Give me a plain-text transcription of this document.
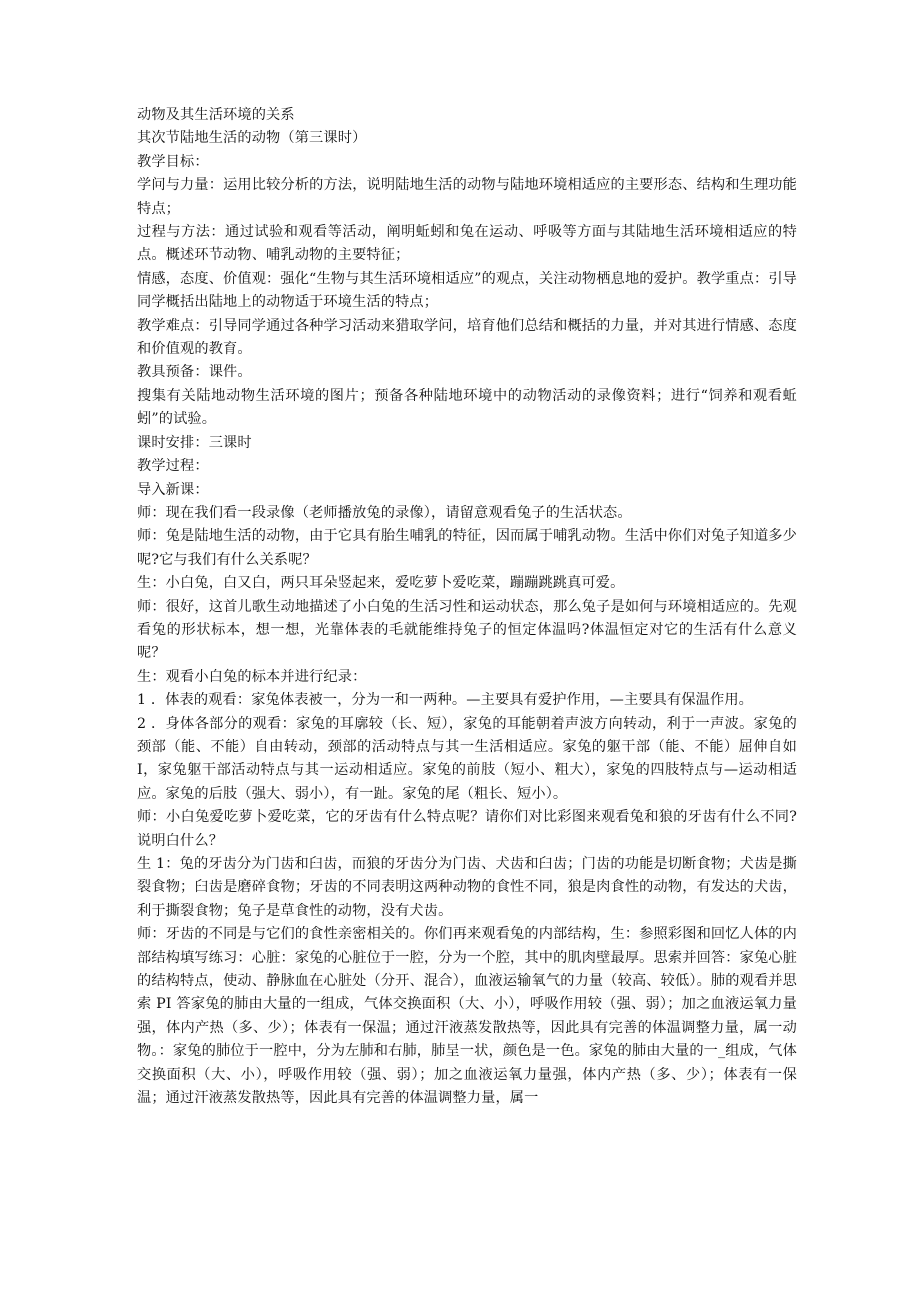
动物及其生活环境的关系
其次节陆地生活的动物（第三课时）
教学目标：
学问与力量：运用比较分析的方法，说明陆地生活的动物与陆地环境相适应的主要形态、结构和生理功能特点；
过程与方法：通过试验和观看等活动，阐明蚯蚓和兔在运动、呼吸等方面与其陆地生活环境相适应的特点。概述环节动物、哺乳动物的主要特征；
情感，态度、价值观：强化“生物与其生活环境相适应”的观点，关注动物栖息地的爱护。教学重点：引导同学概括出陆地上的动物适于环境生活的特点；
教学难点：引导同学通过各种学习活动来猎取学问，培育他们总结和概括的力量，并对其进行情感、态度和价值观的教育。
教具预备：课件。
搜集有关陆地动物生活环境的图片；预备各种陆地环境中的动物活动的录像资料；进行“饲养和观看蚯蚓”的试验。
课时安排：三课时
教学过程：
导入新课：
师：现在我们看一段录像（老师播放兔的录像），请留意观看兔子的生活状态。
师：兔是陆地生活的动物，由于它具有胎生哺乳的特征，因而属于哺乳动物。生活中你们对兔子知道多少呢?它与我们有什么关系呢？
生：小白兔，白又白，两只耳朵竖起来，爱吃萝卜爱吃菜，蹦蹦跳跳真可爱。
师：很好，这首儿歌生动地描述了小白兔的生活习性和运动状态，那么兔子是如何与环境相适应的。先观看兔的形状标本，想一想，光靠体表的毛就能维持兔子的恒定体温吗?体温恒定对它的生活有什么意义呢？
生：观看小白兔的标本并进行纪录：
1 ．体表的观看：家兔体表被一，分为一和一两种。—主要具有爱护作用，—主要具有保温作用。
2 ．身体各部分的观看：家兔的耳廓较（长、短），家兔的耳能朝着声波方向转动，利于一声波。家兔的颈部（能、不能）自由转动，颈部的活动特点与其一生活相适应。家兔的躯干部（能、不能）屈伸自如 I，家兔躯干部活动特点与其一运动相适应。家兔的前肢（短小、粗大），家兔的四肢特点与—运动相适应。家兔的后肢（强大、弱小），有一趾。家兔的尾（粗长、短小）。
师：小白兔爱吃萝卜爱吃菜，它的牙齿有什么特点呢？请你们对比彩图来观看兔和狼的牙齿有什么不同?说明白什么？
生 1：兔的牙齿分为门齿和臼齿，而狼的牙齿分为门齿、犬齿和臼齿；门齿的功能是切断食物；犬齿是撕裂食物；臼齿是磨碎食物；牙齿的不同表明这两种动物的食性不同，狼是肉食性的动物，有发达的犬齿，利于撕裂食物；兔子是草食性的动物，没有犬齿。
师：牙齿的不同是与它们的食性亲密相关的。你们再来观看兔的内部结构，生：参照彩图和回忆人体的内部结构填写练习：心脏：家兔的心脏位于一腔，分为一个腔，其中的肌肉壁最厚。思索并回答：家兔心脏的结构特点，使动、静脉血在心脏处（分开、混合），血液运输氧气的力量（较高、较低）。肺的观看并思索 PI 答家兔的肺由大量的一组成，气体交换面积（大、小），呼吸作用较（强、弱）；加之血液运氧力量强，体内产热（多、少）；体表有一保温；通过汗液蒸发散热等，因此具有完善的体温调整力量，属一动物。：家兔的肺位于一腔中，分为左肺和右肺，肺呈一状，颜色是一色。家兔的肺由大量的一_组成，气体交换面积（大、小），呼吸作用较（强、弱）；加之血液运氧力量强，体内产热（多、少）；体表有一保温；通过汗液蒸发散热等，因此具有完善的体温调整力量，属一
